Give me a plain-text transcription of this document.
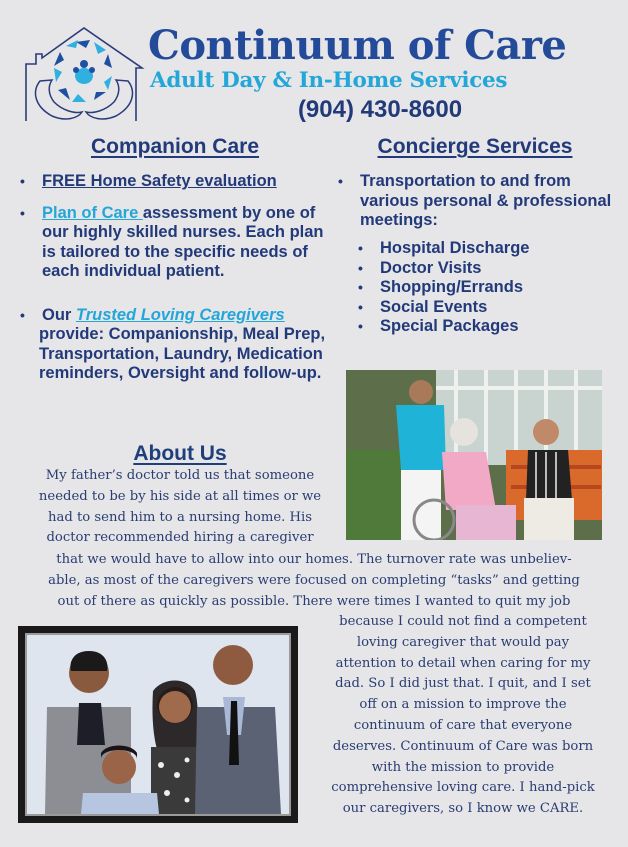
Continuum of Care
Adult Day & In-Home Services
(904) 430-8600
Companion Care
• FREE Home Safety evaluation
• Plan of Care assessment by one of our highly skilled nurses. Each plan is tailored to the specific needs of each individual patient.
• Our Trusted Loving Caregivers
provide: Companionship, Meal Prep, Transportation, Laundry, Medication reminders, Oversight and follow-up.
Concierge Services
• Transportation to and from various personal & professional meetings:
• Hospital Discharge
• Doctor Visits
• Shopping/Errands
• Social Events
• Special Packages
About Us
My father’s doctor told us that someone
needed to be by his side at all times or we
had to send him to a nursing home. His
doctor recommended hiring a caregiver
that we would have to allow into our homes. The turnover rate was unbeliev-
able, as most of the caregivers were focused on completing “tasks” and getting
out of there as quickly as possible. There were times I wanted to quit my job
because I could not find a competent
loving caregiver that would pay
attention to detail when caring for my
dad. So I did just that. I quit, and I set
off on a mission to improve the
continuum of care that everyone
deserves. Continuum of Care was born
with the mission to provide
comprehensive loving care. I hand-pick
our caregivers, so I know we CARE.
